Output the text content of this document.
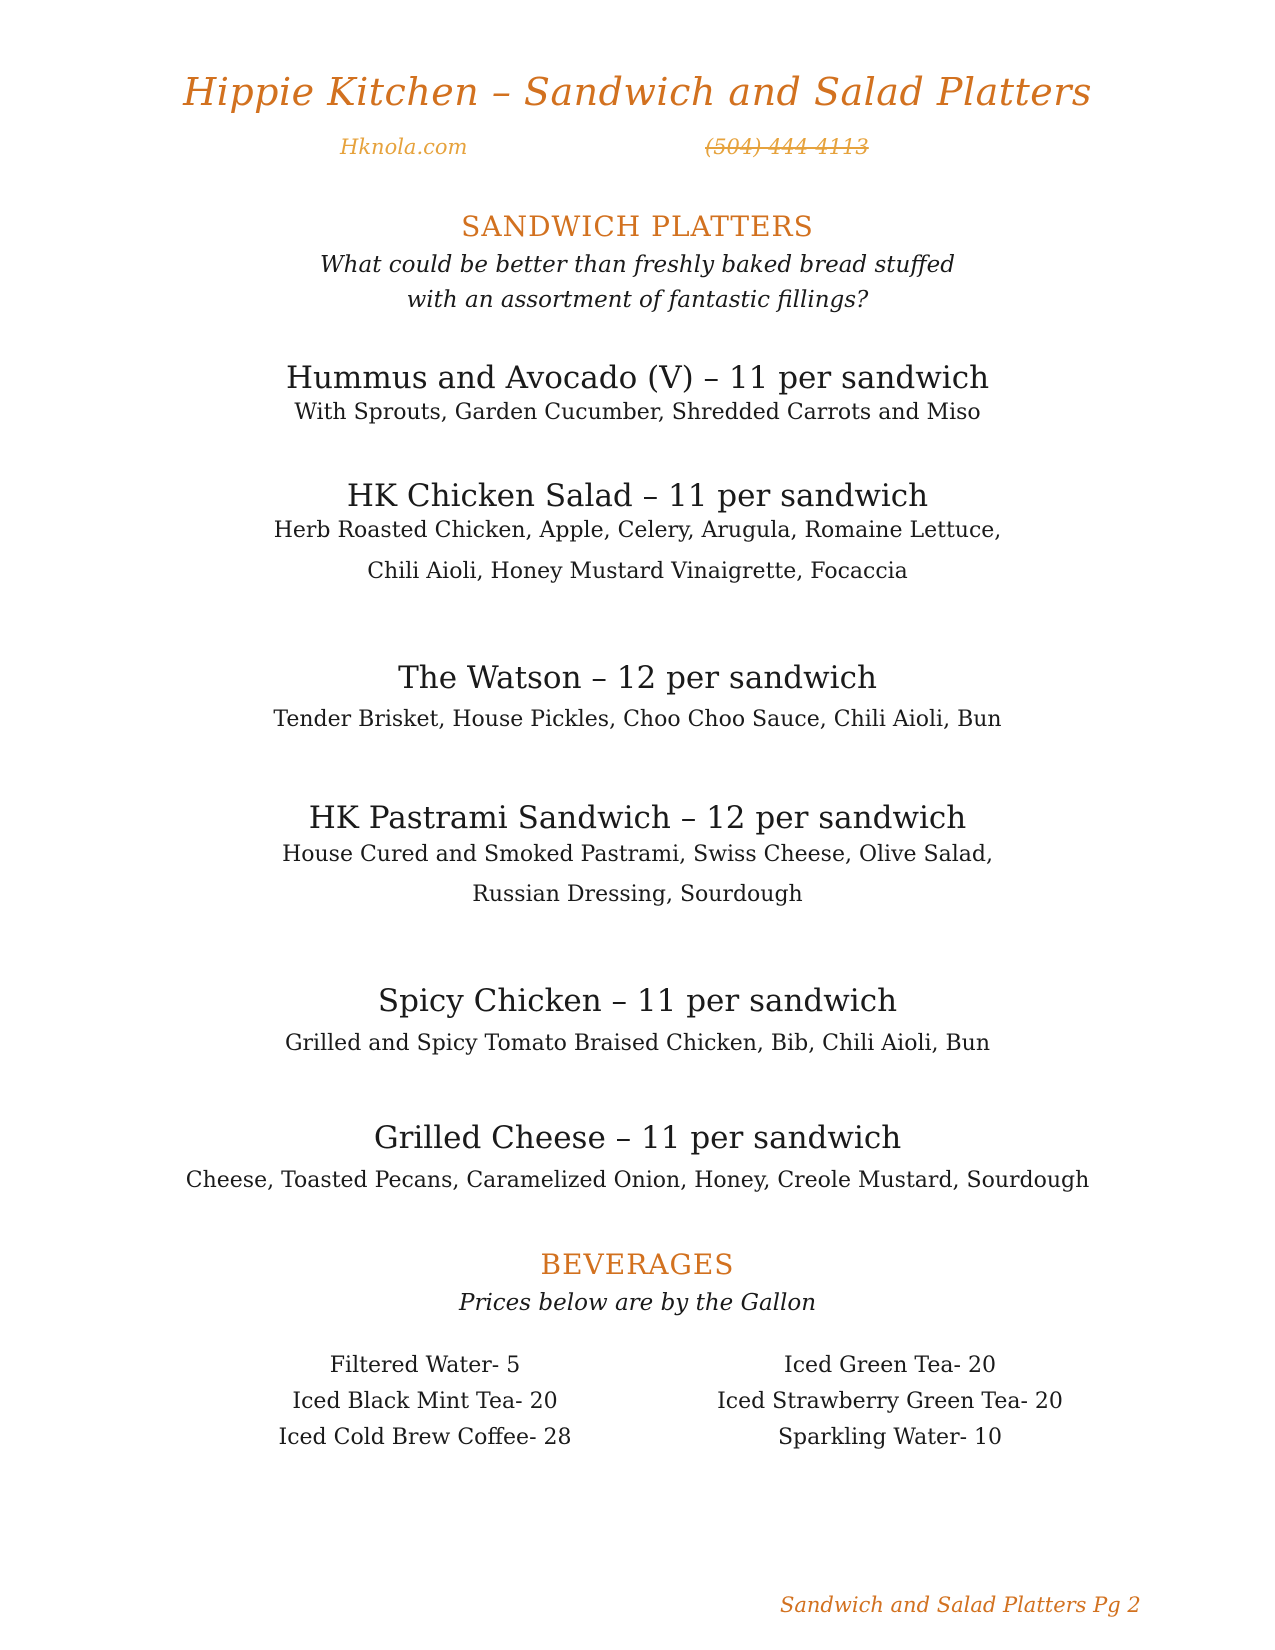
Hippie Kitchen – Sandwich and Salad Platters
Hknola.com	(504) 444-4113
SANDWICH PLATTERS
What could be better than freshly baked bread stuffed
with an assortment of fantastic fillings?
Hummus and Avocado (V) – 11 per sandwich
With Sprouts, Garden Cucumber, Shredded Carrots and Miso
HK Chicken Salad – 11 per sandwich
Herb Roasted Chicken, Apple, Celery, Arugula, Romaine Lettuce,
Chili Aioli, Honey Mustard Vinaigrette, Focaccia
The Watson – 12 per sandwich
Tender Brisket, House Pickles, Choo Choo Sauce, Chili Aioli, Bun
HK Pastrami Sandwich – 12 per sandwich
House Cured and Smoked Pastrami, Swiss Cheese, Olive Salad,
Russian Dressing, Sourdough
Spicy Chicken – 11 per sandwich
Grilled and Spicy Tomato Braised Chicken, Bib, Chili Aioli, Bun
Grilled Cheese – 11 per sandwich
Cheese, Toasted Pecans, Caramelized Onion, Honey, Creole Mustard, Sourdough
BEVERAGES
Prices below are by the Gallon
Filtered Water- 5
Iced Black Mint Tea- 20
Iced Cold Brew Coffee- 28
Iced Green Tea- 20
Iced Strawberry Green Tea- 20
Sparkling Water- 10
Sandwich and Salad Platters Pg 2
